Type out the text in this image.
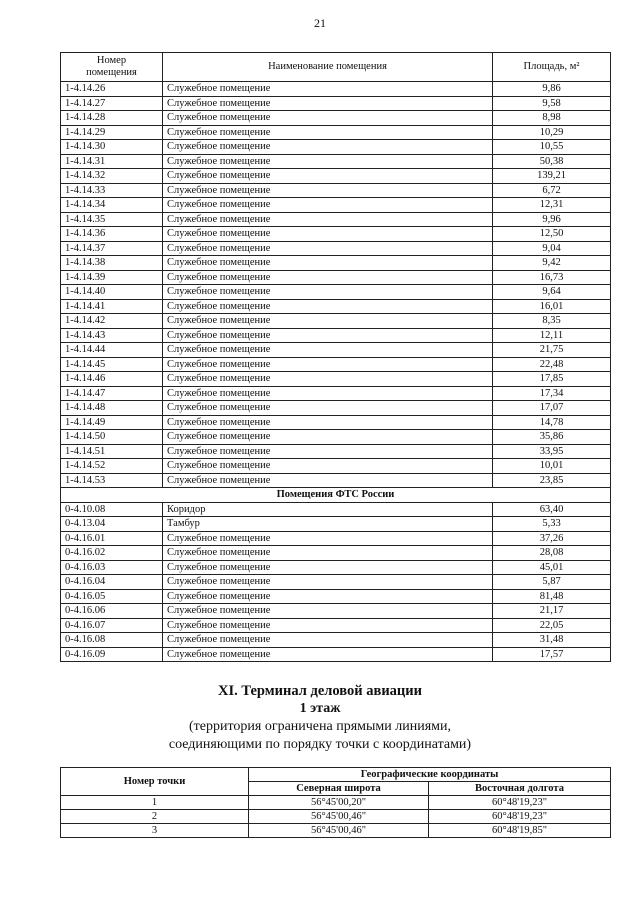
21
Номер
помещения	Наименование помещения	Площадь, м²
1-4.14.26	Служебное помещение	9,86
1-4.14.27	Служебное помещение	9,58
1-4.14.28	Служебное помещение	8,98
1-4.14.29	Служебное помещение	10,29
1-4.14.30	Служебное помещение	10,55
1-4.14.31	Служебное помещение	50,38
1-4.14.32	Служебное помещение	139,21
1-4.14.33	Служебное помещение	6,72
1-4.14.34	Служебное помещение	12,31
1-4.14.35	Служебное помещение	9,96
1-4.14.36	Служебное помещение	12,50
1-4.14.37	Служебное помещение	9,04
1-4.14.38	Служебное помещение	9,42
1-4.14.39	Служебное помещение	16,73
1-4.14.40	Служебное помещение	9,64
1-4.14.41	Служебное помещение	16,01
1-4.14.42	Служебное помещение	8,35
1-4.14.43	Служебное помещение	12,11
1-4.14.44	Служебное помещение	21,75
1-4.14.45	Служебное помещение	22,48
1-4.14.46	Служебное помещение	17,85
1-4.14.47	Служебное помещение	17,34
1-4.14.48	Служебное помещение	17,07
1-4.14.49	Служебное помещение	14,78
1-4.14.50	Служебное помещение	35,86
1-4.14.51	Служебное помещение	33,95
1-4.14.52	Служебное помещение	10,01
1-4.14.53	Служебное помещение	23,85
Помещения ФТС России		
0-4.10.08	Коридор	63,40
0-4.13.04	Тамбур	5,33
0-4.16.01	Служебное помещение	37,26
0-4.16.02	Служебное помещение	28,08
0-4.16.03	Служебное помещение	45,01
0-4.16.04	Служебное помещение	5,87
0-4.16.05	Служебное помещение	81,48
0-4.16.06	Служебное помещение	21,17
0-4.16.07	Служебное помещение	22,05
0-4.16.08	Служебное помещение	31,48
0-4.16.09	Служебное помещение	17,57
XI. Терминал деловой авиации
1 этаж
(территория ограничена прямыми линиями,
соединяющими по порядку точки с координатами)
Номер точки	Географические координаты	
	Северная широта	Восточная долгота
1	56°45'00,20"	60°48'19,23"
2	56°45'00,46"	60°48'19,23"
3	56°45'00,46"	60°48'19,85"
